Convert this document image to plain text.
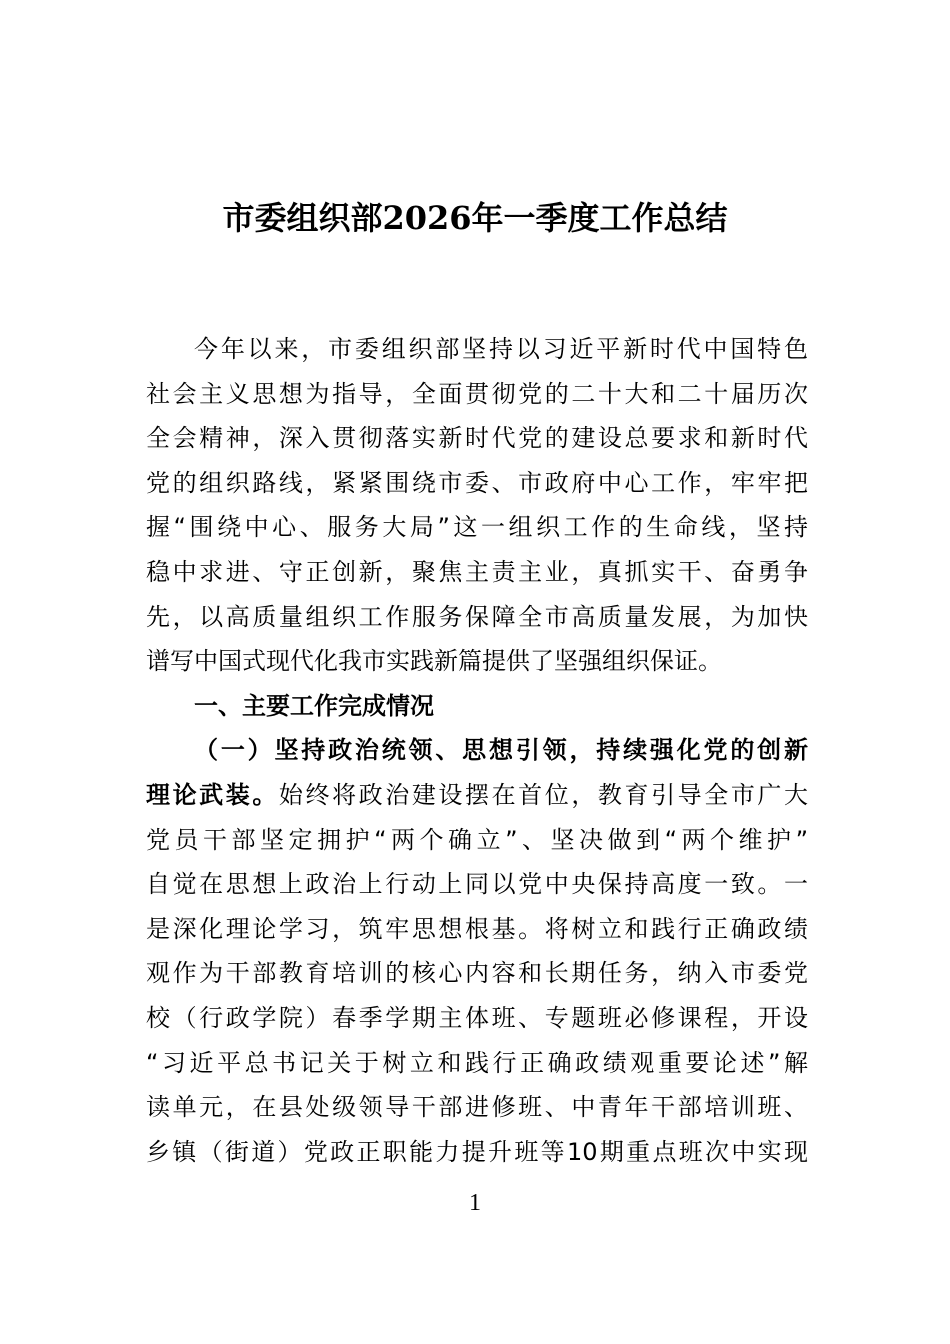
市委组织部2026年一季度工作总结
今年以来，市委组织部坚持以习近平新时代中国特色
社会主义思想为指导，全面贯彻党的二十大和二十届历次
全会精神，深入贯彻落实新时代党的建设总要求和新时代
党的组织路线，紧紧围绕市委、市政府中心工作，牢牢把
握“围绕中心、服务大局”这一组织工作的生命线，坚持
稳中求进、守正创新，聚焦主责主业，真抓实干、奋勇争
先，以高质量组织工作服务保障全市高质量发展，为加快
谱写中国式现代化我市实践新篇提供了坚强组织保证。
一、主要工作完成情况
（一）坚持政治统领、思想引领，持续强化党的创新
理论武装。始终将政治建设摆在首位，教育引导全市广大
党员干部坚定拥护“两个确立”、坚决做到“两个维护”
自觉在思想上政治上行动上同以党中央保持高度一致。一
是深化理论学习，筑牢思想根基。将树立和践行正确政绩
观作为干部教育培训的核心内容和长期任务，纳入市委党
校（行政学院）春季学期主体班、专题班必修课程，开设
“习近平总书记关于树立和践行正确政绩观重要论述”解
读单元，在县处级领导干部进修班、中青年干部培训班、
乡镇（街道）党政正职能力提升班等10期重点班次中实现
1
